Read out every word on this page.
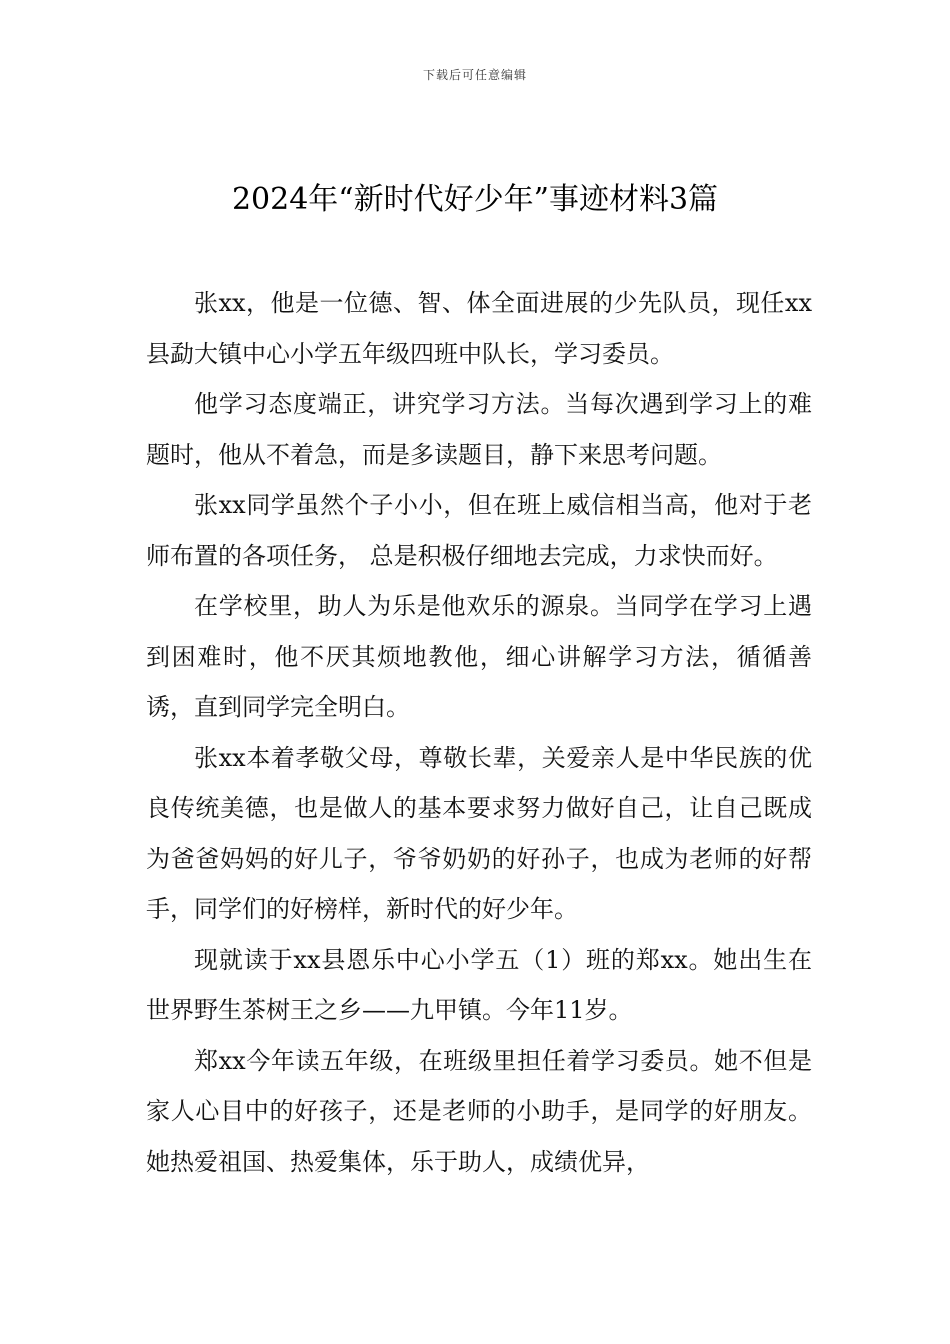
下载后可任意编辑
2024年“新时代好少年”事迹材料3篇

张xx，他是一位德、智、体全面进展的少先队员，现任xx县勐大镇中心小学五年级四班中队长，学习委员。

他学习态度端正，讲究学习方法。当每次遇到学习上的难题时，他从不着急，而是多读题目，静下来思考问题。

张xx同学虽然个子小小，但在班上威信相当高，他对于老师布置的各项任务， 总是积极仔细地去完成，力求快而好。

在学校里，助人为乐是他欢乐的源泉。当同学在学习上遇到困难时，他不厌其烦地教他，细心讲解学习方法，循循善诱，直到同学完全明白。

张xx本着孝敬父母，尊敬长辈，关爱亲人是中华民族的优良传统美德，也是做人的基本要求努力做好自己，让自己既成为爸爸妈妈的好儿子，爷爷奶奶的好孙子，也成为老师的好帮手，同学们的好榜样，新时代的好少年。

现就读于xx县恩乐中心小学五（1）班的郑xx。她出生在世界野生茶树王之乡——九甲镇。今年11岁。

郑xx今年读五年级，在班级里担任着学习委员。她不但是家人心目中的好孩子，还是老师的小助手，是同学的好朋友。她热爱祖国、热爱集体，乐于助人，成绩优异，
